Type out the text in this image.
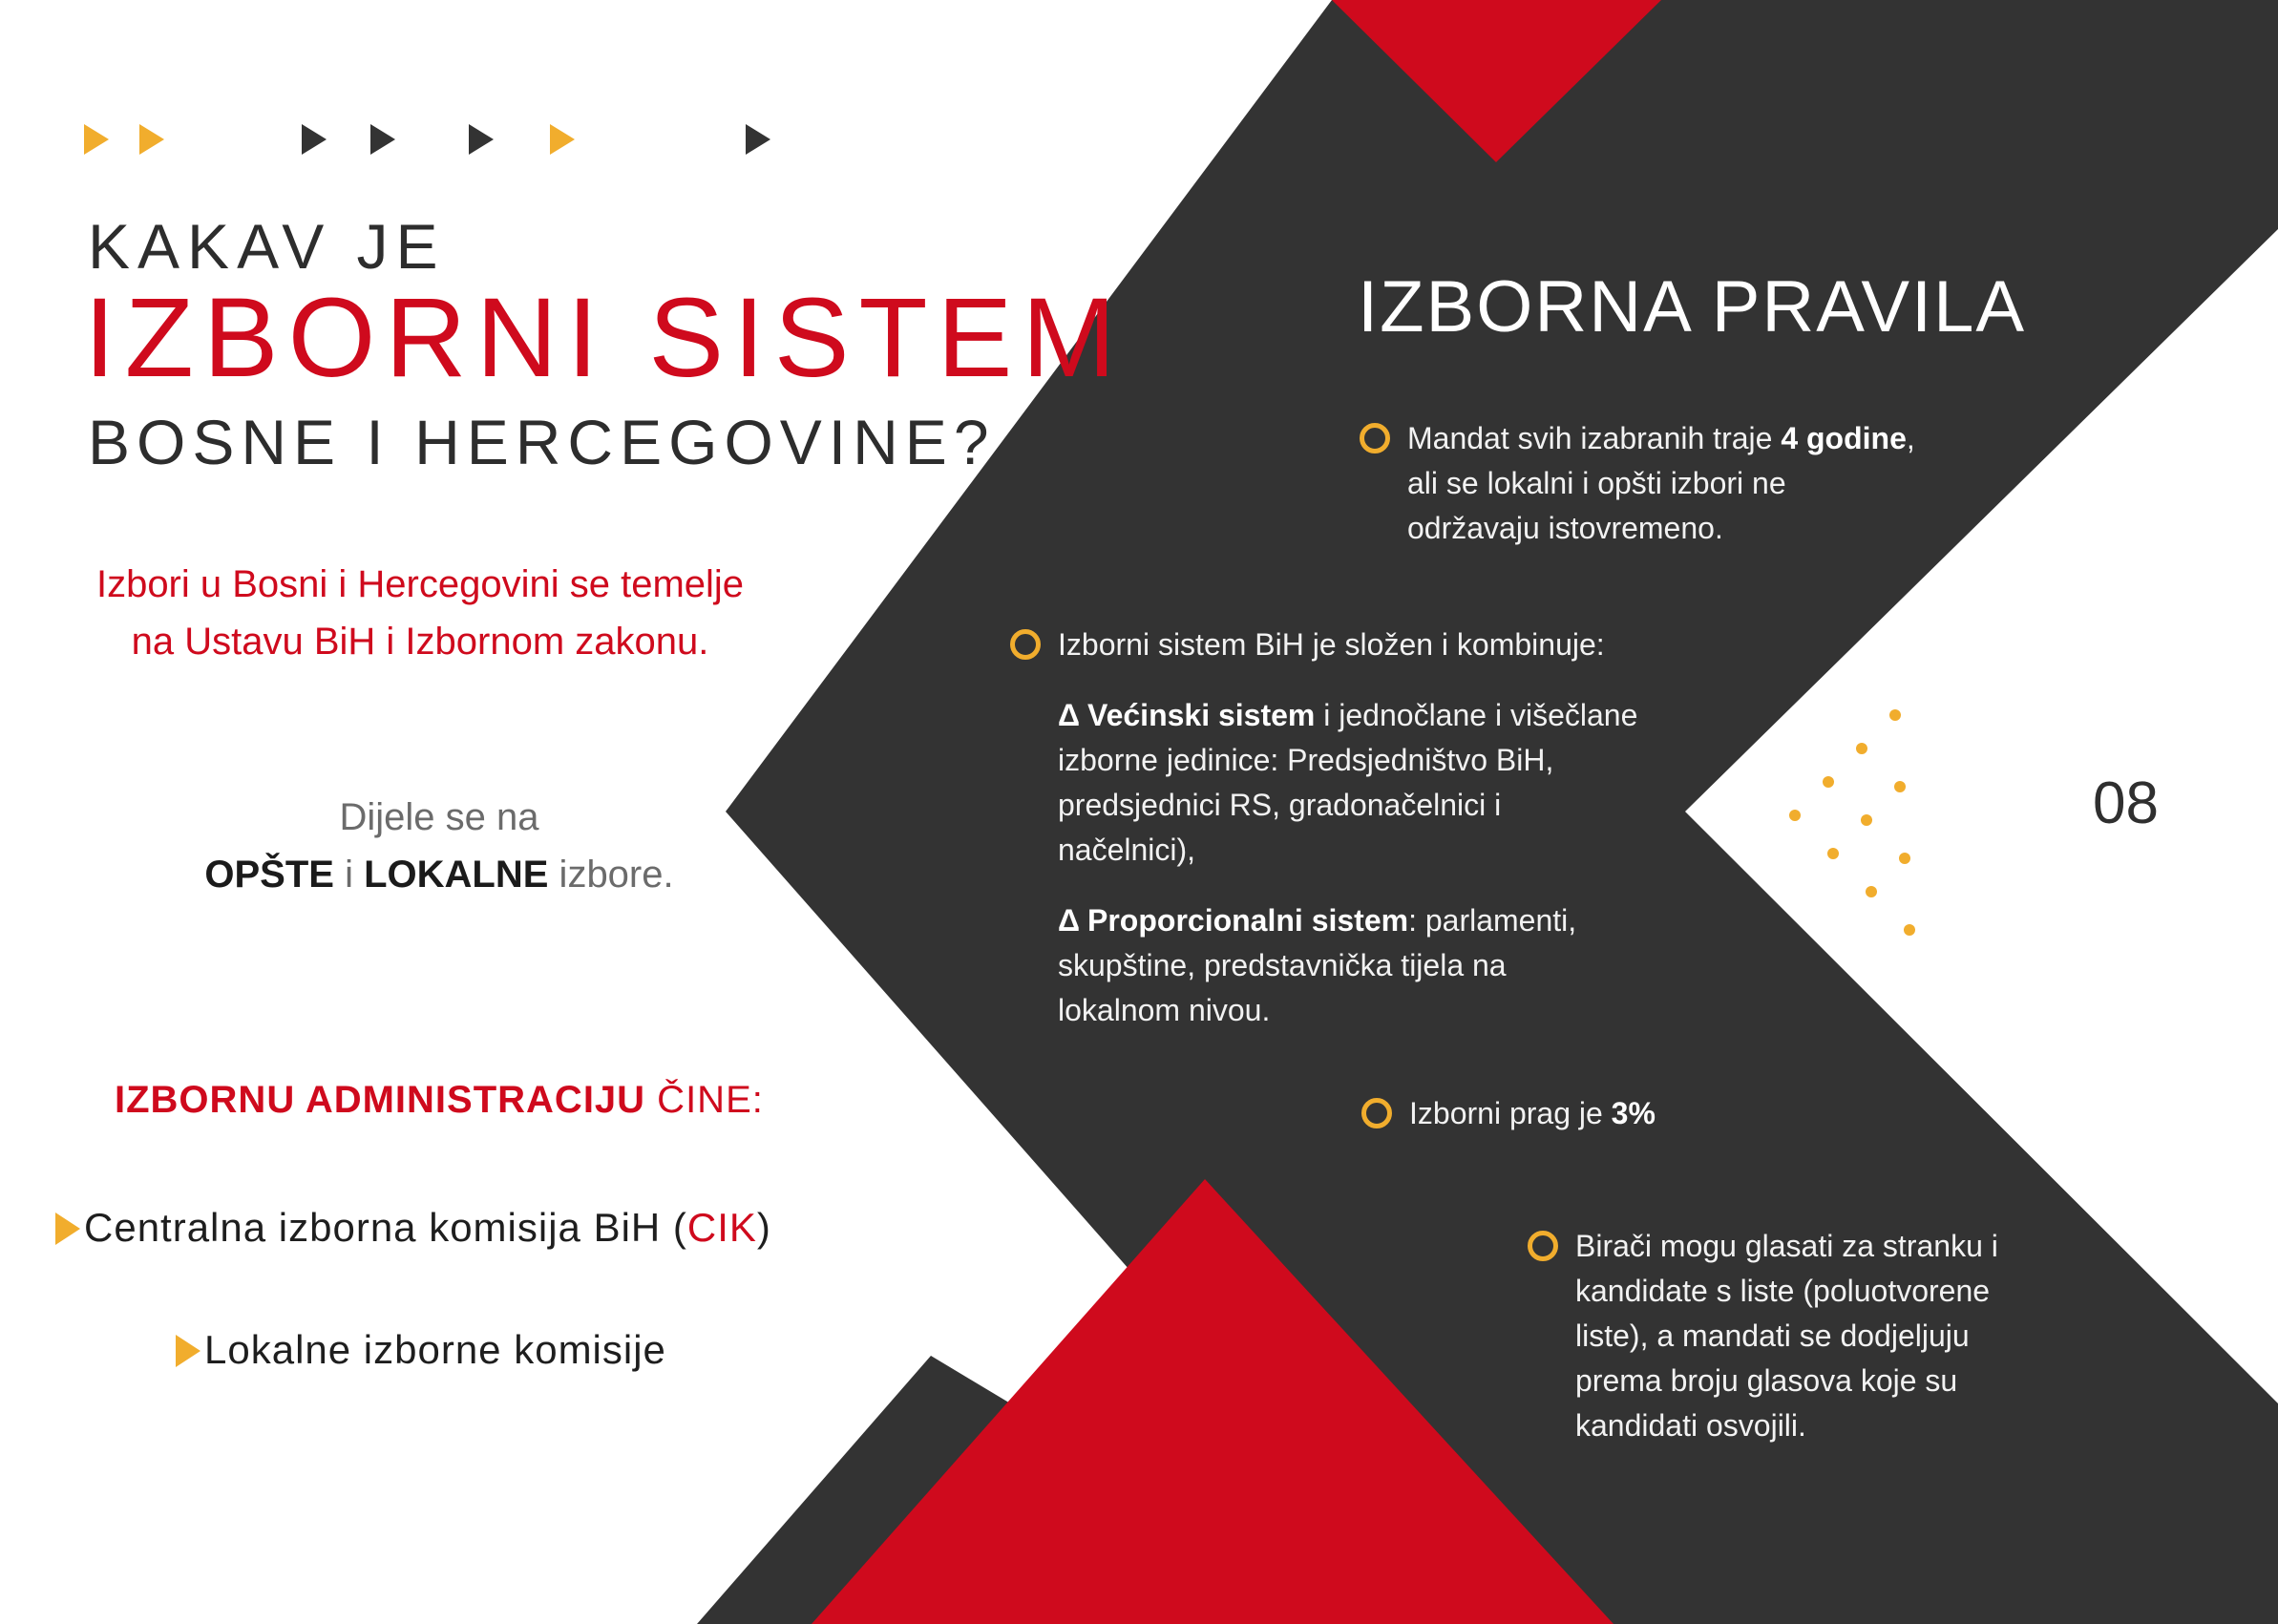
KAKAV JE
IZBORNI SISTEM
BOSNE I HERCEGOVINE?
Izbori u Bosni i Hercegovini se temelje
na Ustavu BiH i Izbornom zakonu.
Dijele se na
OPŠTE i LOKALNE izbore.
IZBORNU ADMINISTRACIJU ČINE:
Centralna izborna komisija BiH (CIK)
Lokalne izborne komisije
IZBORNA PRAVILA
Mandat svih izabranih traje 4 godine,
ali se lokalni i opšti izbori ne
održavaju istovremeno.
Izborni sistem BiH je složen i kombinuje:
Δ Većinski sistem i jednočlane i višečlane
izborne jedinice: Predsjedništvo BiH,
predsjednici RS, gradonačelnici i
načelnici),
Δ Proporcionalni sistem: parlamenti,
skupštine, predstavnička tijela na
lokalnom nivou.
Izborni prag je 3%
Birači mogu glasati za stranku i
kandidate s liste (poluotvorene
liste), a mandati se dodjeljuju
prema broju glasova koje su
kandidati osvojili.
08
